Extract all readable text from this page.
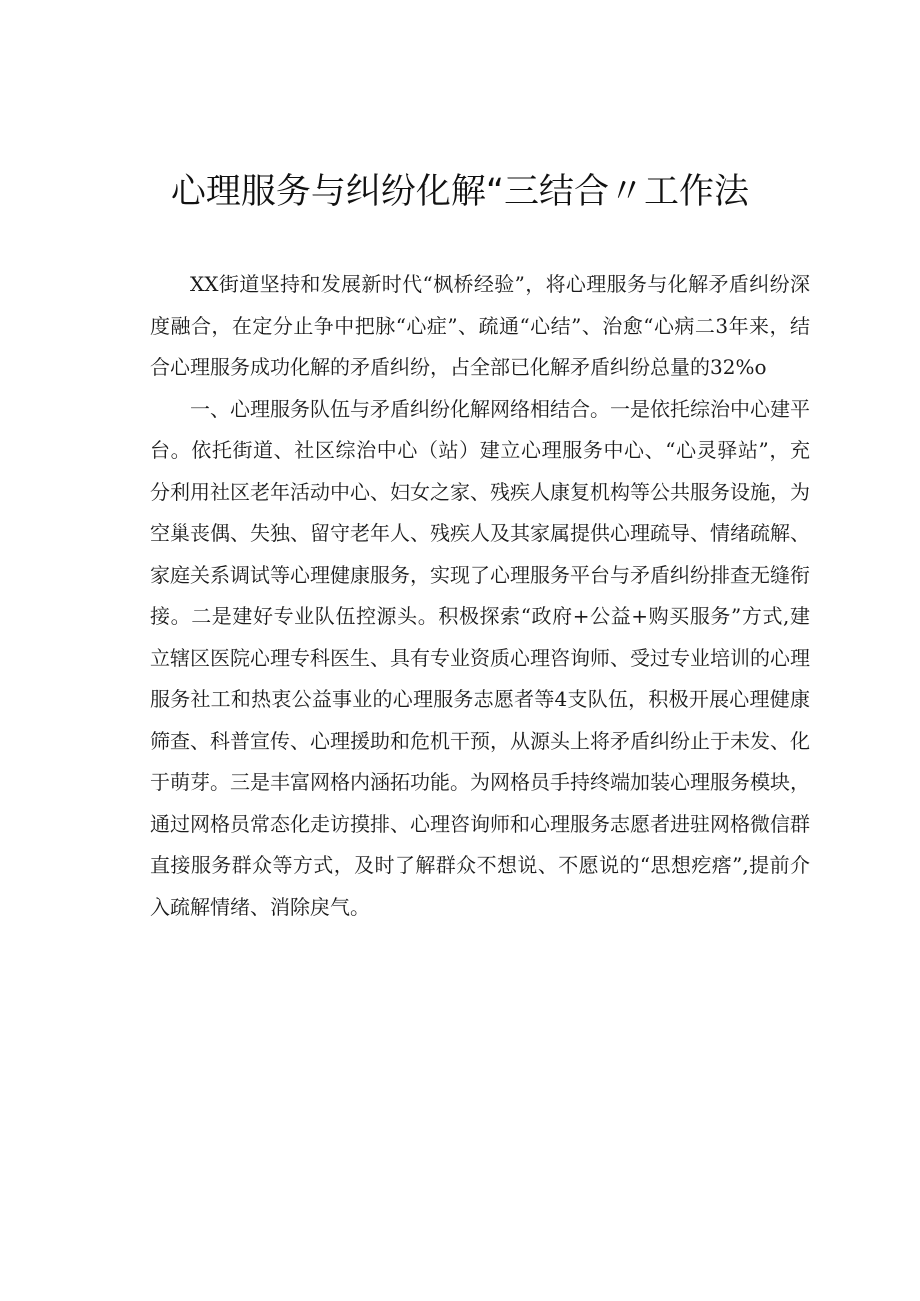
心理服务与纠纷化解“三结合〃工作法

XX街道坚持和发展新时代“枫桥经验”，将心理服务与化解矛盾纠纷深度融合，在定分止争中把脉“心症”、疏通“心结”、治愈“心病二3年来，结合心理服务成功化解的矛盾纠纷，占全部已化解矛盾纠纷总量的32%o

一、心理服务队伍与矛盾纠纷化解网络相结合。一是依托综治中心建平台。依托街道、社区综治中心（站）建立心理服务中心、“心灵驿站”，充分利用社区老年活动中心、妇女之家、残疾人康复机构等公共服务设施，为空巢丧偶、失独、留守老年人、残疾人及其家属提供心理疏导、情绪疏解、家庭关系调试等心理健康服务，实现了心理服务平台与矛盾纠纷排查无缝衔接。二是建好专业队伍控源头。积极探索“政府+公益+购买服务”方式,建立辖区医院心理专科医生、具有专业资质心理咨询师、受过专业培训的心理服务社工和热衷公益事业的心理服务志愿者等4支队伍，积极开展心理健康筛查、科普宣传、心理援助和危机干预，从源头上将矛盾纠纷止于未发、化于萌芽。三是丰富网格内涵拓功能。为网格员手持终端加装心理服务模块，通过网格员常态化走访摸排、心理咨询师和心理服务志愿者进驻网格微信群直接服务群众等方式，及时了解群众不想说、不愿说的“思想疙瘩”,提前介入疏解情绪、消除戾气。
